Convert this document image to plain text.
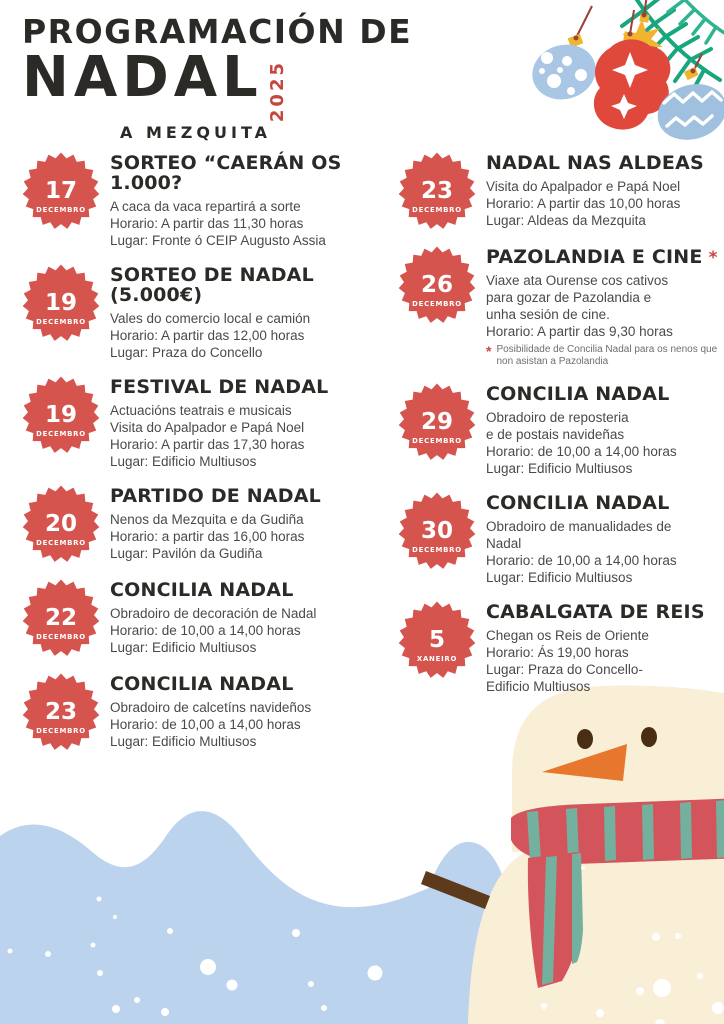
PROGRAMACIÓN DE
NADAL 2025
A MEZQUITA
17
DECEMBRO
SORTEO “CAERÁN OS 1.000?
A caca da vaca repartirá a sorte
Horario: A partir das 11,30 horas
Lugar: Fronte ó CEIP Augusto Assia
19
DECEMBRO
SORTEO DE NADAL (5.000€)
Vales do comercio local e camión
Horario: A partir das 12,00 horas
Lugar: Praza do Concello
19
DECEMBRO
FESTIVAL DE NADAL
Actuacións teatrais e musicais
Visita do Apalpador e Papá Noel
Horario: A partir das 17,30 horas
Lugar: Edificio Multiusos
20
DECEMBRO
PARTIDO DE NADAL
Nenos da Mezquita e da Gudiña
Horario: a partir das 16,00 horas
Lugar: Pavilón da Gudiña
22
DECEMBRO
CONCILIA NADAL
Obradoiro de decoración de Nadal
Horario: de 10,00 a 14,00 horas
Lugar: Edificio Multiusos
23
DECEMBRO
CONCILIA NADAL
Obradoiro de calcetíns navideños
Horario: de 10,00 a 14,00 horas
Lugar: Edificio Multiusos
23
DECEMBRO
NADAL NAS ALDEAS
Visita do Apalpador e Papá Noel
Horario: A partir das 10,00 horas
Lugar: Aldeas da Mezquita
26
DECEMBRO
PAZOLANDIA E CINE *
Viaxe ata Ourense cos cativos
para gozar de Pazolandia e
unha sesión de cine.
Horario: A partir das 9,30 horas
* Posibilidade de Concilia Nadal para os nenos que non asistan a Pazolandia
29
DECEMBRO
CONCILIA NADAL
Obradoiro de reposteria
e de postais navideñas
Horario: de 10,00 a 14,00 horas
Lugar: Edificio Multiusos
30
DECEMBRO
CONCILIA NADAL
Obradoiro de manualidades de
Nadal
Horario: de 10,00 a 14,00 horas
Lugar: Edificio Multiusos
5
XANEIRO
CABALGATA DE REIS
Chegan os Reis de Oriente
Horario: Ás 19,00 horas
Lugar: Praza do Concello-
Edificio Multiusos
